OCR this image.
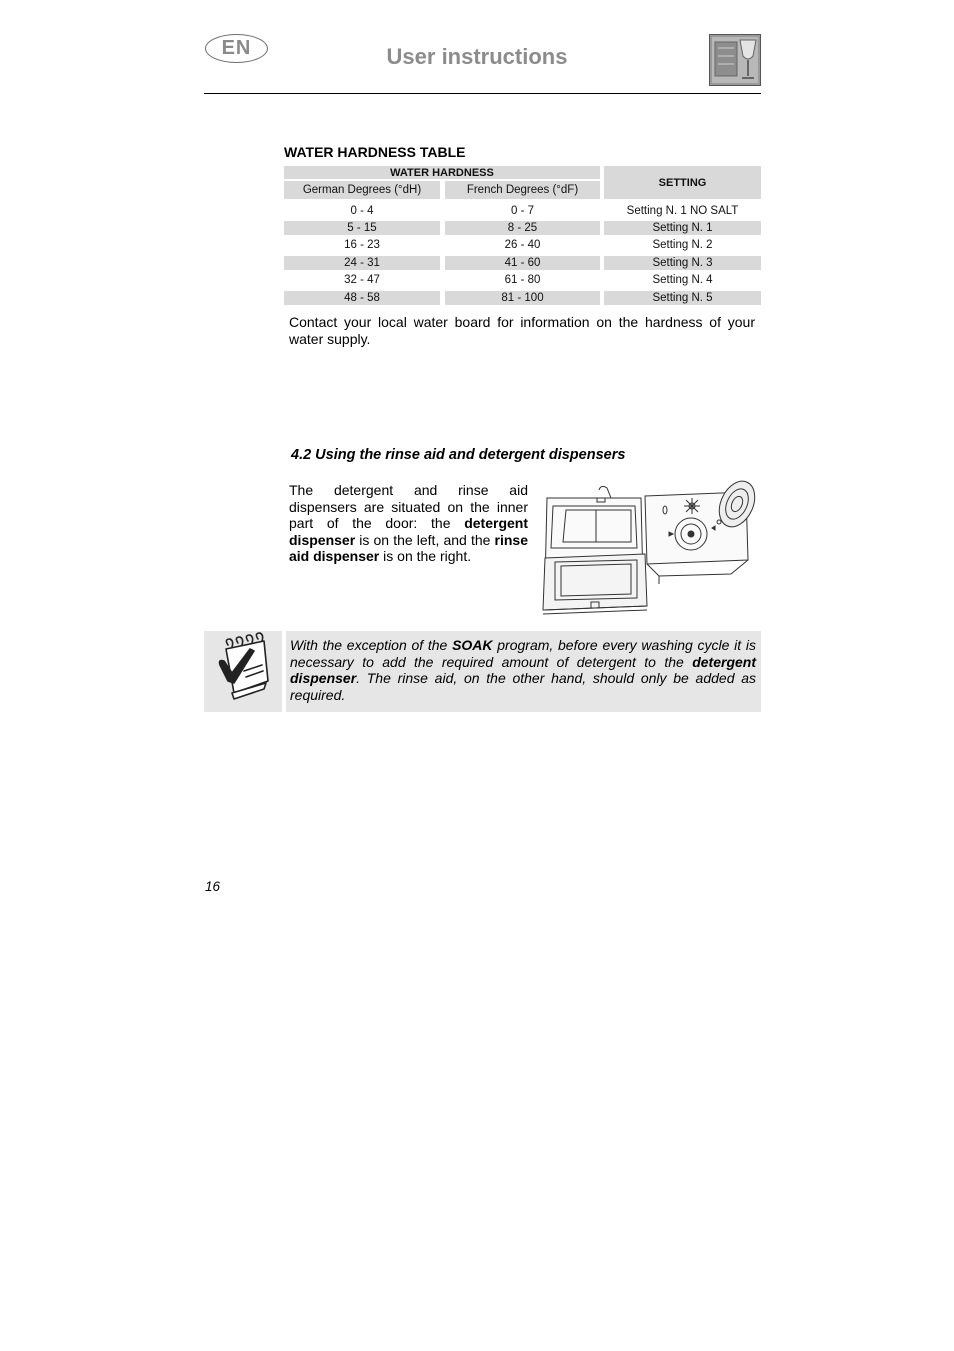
EN	User instructions
WATER HARDNESS TABLE
WATER HARDNESS
German Degrees (°dH)	French Degrees (°dF)
SETTING
0 - 4	0 - 7	Setting N. 1 NO SALT
5 - 15	8 - 25	Setting N. 1
16 - 23	26 - 40	Setting N. 2
24 - 31	41 - 60	Setting N. 3
32 - 47	61 - 80	Setting N. 4
48 - 58	81 - 100	Setting N. 5
Contact your local water board for information on the hardness of your water supply.
4.2 Using the rinse aid and detergent dispensers
The detergent and rinse aid dispensers are situated on the inner part of the door: the detergent dispenser is on the left, and the rinse aid dispenser is on the right.
With the exception of the SOAK program, before every washing cycle it is necessary to add the required amount of detergent to the detergent dispenser. The rinse aid, on the other hand, should only be added as required.
16
